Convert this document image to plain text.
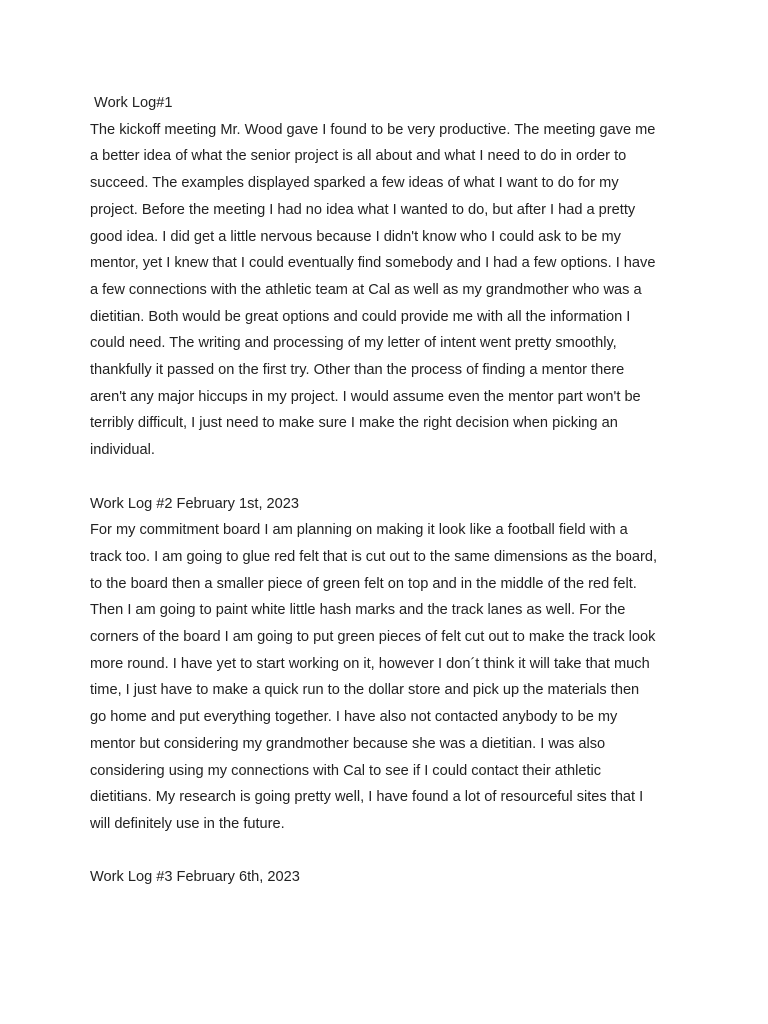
Work Log#1
The kickoff meeting Mr. Wood gave I found to be very productive. The meeting gave me
a better idea of what the senior project is all about and what I need to do in order to
succeed. The examples displayed sparked a few ideas of what I want to do for my
project. Before the meeting I had no idea what I wanted to do, but after I had a pretty
good idea. I did get a little nervous because I didn't know who I could ask to be my
mentor, yet I knew that I could eventually find somebody and I had a few options. I have
a few connections with the athletic team at Cal as well as my grandmother who was a
dietitian. Both would be great options and could provide me with all the information I
could need. The writing and processing of my letter of intent went pretty smoothly,
thankfully it passed on the first try. Other than the process of finding a mentor there
aren't any major hiccups in my project. I would assume even the mentor part won't be
terribly difficult, I just need to make sure I make the right decision when picking an
individual.
Work Log #2 February 1st, 2023
For my commitment board I am planning on making it look like a football field with a
track too. I am going to glue red felt that is cut out to the same dimensions as the board,
to the board then a smaller piece of green felt on top and in the middle of the red felt.
Then I am going to paint white little hash marks and the track lanes as well. For the
corners of the board I am going to put green pieces of felt cut out to make the track look
more round. I have yet to start working on it, however I don´t think it will take that much
time, I just have to make a quick run to the dollar store and pick up the materials then
go home and put everything together. I have also not contacted anybody to be my
mentor but considering my grandmother because she was a dietitian. I was also
considering using my connections with Cal to see if I could contact their athletic
dietitians. My research is going pretty well, I have found a lot of resourceful sites that I
will definitely use in the future.
Work Log #3 February 6th, 2023
